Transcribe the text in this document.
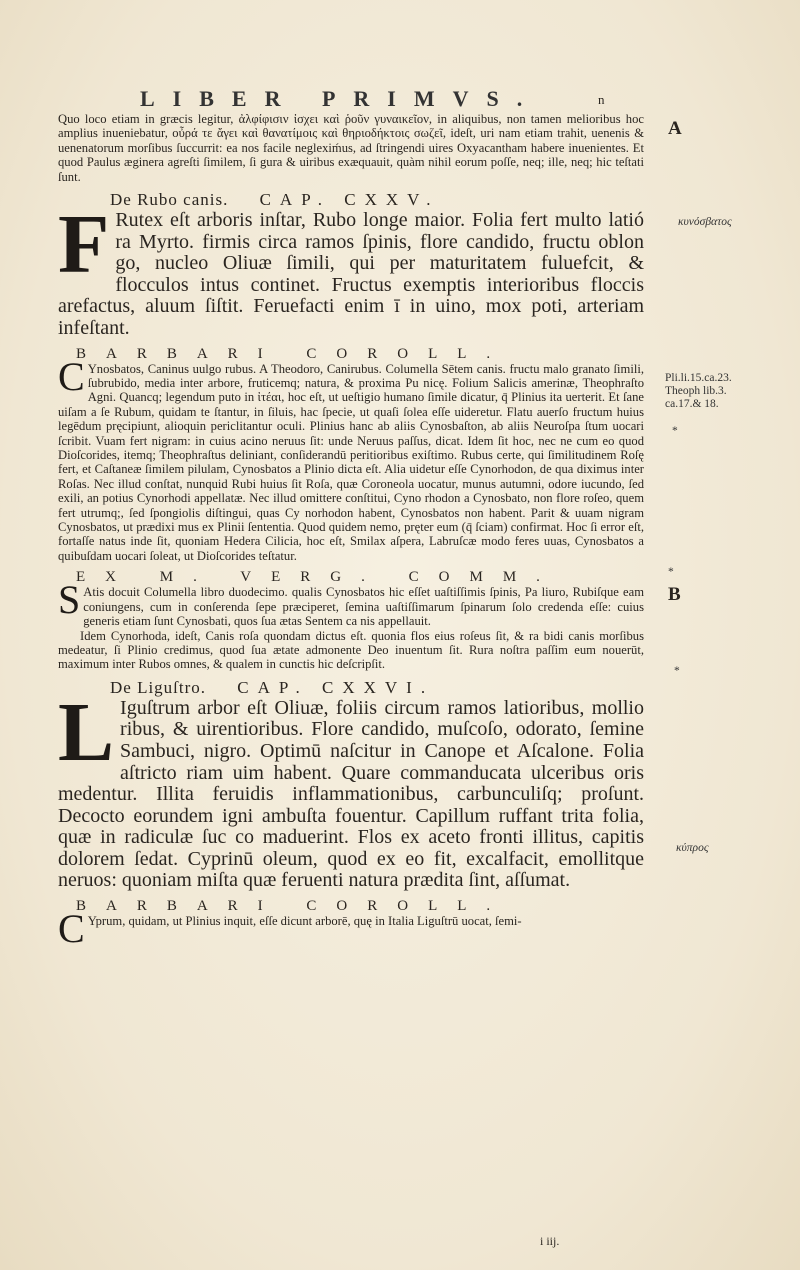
LIBER PRIMVS.	n

Quo loco etiam in græcis legitur, ἀλφίφισιν ἰσχει καὶ ῥοῦν γυναικεῖον, in aliquibus, non tamen melioribus hoc amplius inueniebatur, οὖρά τε ἄγει καὶ θανατίμοις καὶ θηριοδήκτοις σωζεῖ, ideſt, uri nam etiam trahit, uenenis & uenenatorum morſibus ſuccurrit: ea nos facile neglexiḿus, ad ſtringendi uires Oxyacantham habere inuenientes. Et quod Paulus æginera agreſti ſimilem, ſi gura & uiribus exæquauit, quàm nihil eorum poſſe, neq; ille, neq; hic teſtati ſunt.

De Rubo canis. CAP. CXXV.

F Rutex eſt arboris inſtar, Rubo longe maior. Folia fert multo latió ra Myrto. firmis circa ramos ſpinis, flore candido, fructu oblon go, nucleo Oliuæ ſimili, qui per maturitatem fuluefcit, & flocculos intus continet. Fructus exemptis interioribus floccis arefactus, aluum ſiſtit. Feruefacti enim ī in uino, mox poti, arteriam infeſtant.

BARBARI COROLL.

C Ynosbatos, Caninus uulgo rubus. A Theodoro, Canirubus. Columella Sētem canis. fructu malo granato ſimili, ſubrubido, media inter arbore, fruticemq; natura, & proxima Pu nicę. Folium Salicis amerinæ, Theophraſto Agni. Quancq; legendum puto in ἰτέαι, hoc eſt, ut ueſtigio humano ſimile dicatur, q̄ Plinius ita uerterit. Et ſane uiſam a ſe Rubum, quidam te ſtantur, in ſiluis, hac ſpecie, ut quaſi ſolea eſſe uideretur. Flatu auerſo fructum huius legēdum pręcipiunt, alioquin periclitantur oculi. Plinius hanc ab aliis Cynosbaſton, ab aliis Neuroſpa ſtum uocari ſcribit. Vuam fert nigram: in cuius acino neruus ſit: unde Neruus paſſus, dicat. Idem ſit hoc, nec ne cum eo quod Dioſcorides, itemq; Theophraſtus deliniant, conſiderandū peritioribus exiſtimo. Rubus certe, qui ſimilitudinem Roſę fert, et Caſtaneæ ſimilem pilulam, Cynosbatos a Plinio dicta eſt. Alia uidetur eſſe Cynorhodon, de qua diximus inter Roſas. Nec illud conſtat, nunquid Rubi huius ſit Roſa, quæ Coroneola uocatur, munus autumni, odore iucundo, ſed exili, an potius Cynorhodi appellatæ. Nec illud omittere conſtitui, Cyno rhodon a Cynosbato, non flore roſeo, quem fert utrumq;, ſed ſpongiolis diſtingui, quas Cy norhodon habent, Cynosbatos non habent. Parit & uuam nigram Cynosbatos, ut prædixi mus ex Plinii ſententia. Quod quidem nemo, pręter eum (q̄ ſciam) confirmat. Hoc ſi error eſt, fortaſſe natus inde ſit, quoniam Hedera Cilicia, hoc eſt, Smilax aſpera, Labruſcæ modo feres uuas, Cynosbatos a quibuſdam uocari ſoleat, ut Dioſcorides teſtatur.

EX M. VERG. COMM.

S Atis docuit Columella libro duodecimo. qualis Cynosbatos hic eſſet uaſtiſſimis ſpinis, Pa liuro, Rubiſque eam coniungens, cum in conſerenda ſepe præciperet, ſemina uaſtiſſimarum ſpinarum ſolo credenda eſſe: cuius generis etiam ſunt Cynosbati, quos ſua ætas Sentem ca nis appellauit.

Idem Cynorhoda, ideſt, Canis roſa quondam dictus eſt. quonia flos eius roſeus ſit, & ra bidi canis morſibus medeatur, ſi Plinio credimus, quod ſua ætate admonente Deo inuentum ſit. Rura noſtra paſſim eum nouerūt, maximum inter Rubos omnes, & qualem in cunctis hic deſcripſit.

De Liguſtro. CAP. CXXVI.

L Iguſtrum arbor eſt Oliuæ, foliis circum ramos latioribus, mollio ribus, & uirentioribus. Flore candido, muſcoſo, odorato, ſemine Sambuci, nigro. Optimū naſcitur in Canope et Aſcalone. Folia aſtricto riam uim habent. Quare commanducata ulceribus oris medentur. Illita feruidis inflammationibus, carbunculiſq; proſunt. Decocto eorundem igni ambuſta fouentur. Capillum ruffant trita folia, quæ in radiculæ ſuc co maduerint. Flos ex aceto fronti illitus, capitis dolorem ſedat. Cyprinū oleum, quod ex eo fit, excalfacit, emollitque neruos: quoniam miſta quæ feruenti natura prædita ſint, aſſumat.

BARBARI COROLL.

C Yprum, quidam, ut Plinius inquit, eſſe dicunt arborē, quę in Italia Liguſtrū uocat, ſemi-

A
κυνόσβατος
Pli.li.15.ca.23. Theoph lib.3. ca.17.& 18.
*
*
B
*
κύπρος
i iij.
